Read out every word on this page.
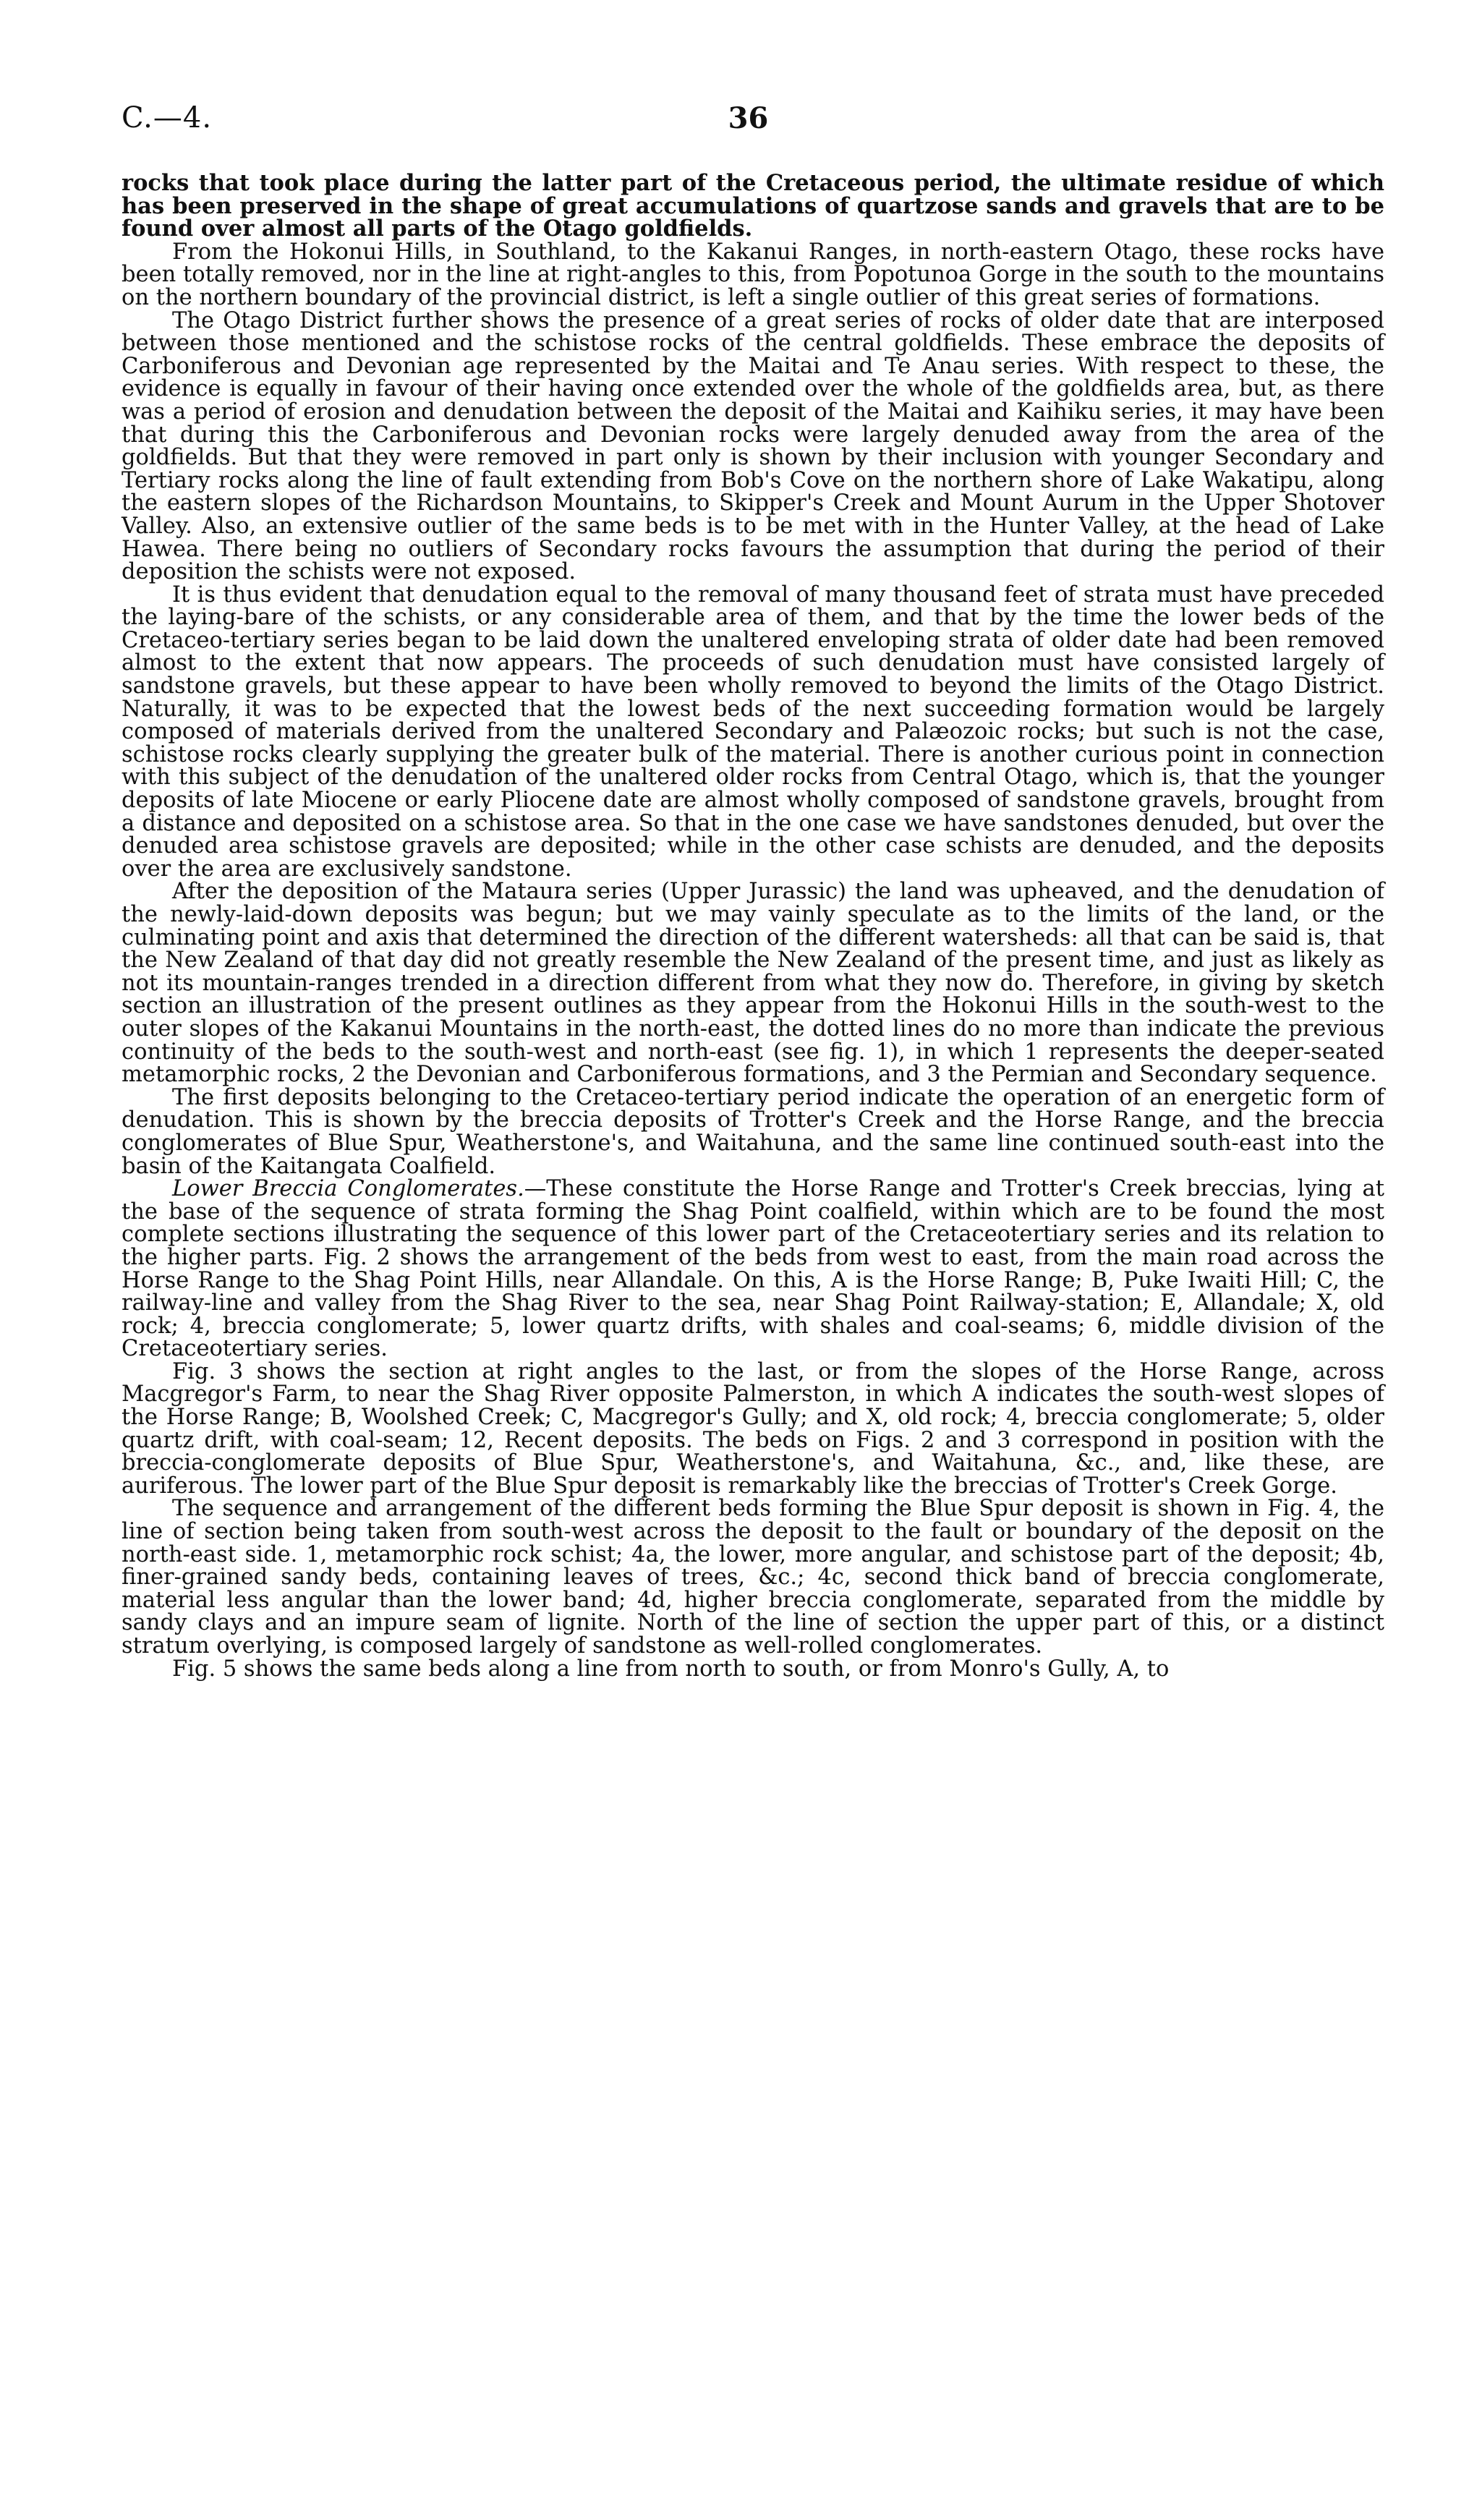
C.—4.	36

rocks that took place during the latter part of the Cretaceous period, the ultimate residue of which has been preserved in the shape of great accumulations of quartzose sands and gravels that are to be found over almost all parts of the Otago goldfields.

From the Hokonui Hills, in Southland, to the Kakanui Ranges, in north-eastern Otago, these rocks have been totally removed, nor in the line at right-angles to this, from Popotunoa Gorge in the south to the mountains on the northern boundary of the provincial district, is left a single outlier of this great series of formations.

The Otago District further shows the presence of a great series of rocks of older date that are interposed between those mentioned and the schistose rocks of the central goldfields. These embrace the deposits of Carboniferous and Devonian age represented by the Maitai and Te Anau series. With respect to these, the evidence is equally in favour of their having once extended over the whole of the goldfields area, but, as there was a period of erosion and denudation between the deposit of the Maitai and Kaihiku series, it may have been that during this the Carboniferous and Devonian rocks were largely denuded away from the area of the goldfields. But that they were removed in part only is shown by their inclusion with younger Secondary and Tertiary rocks along the line of fault extending from Bob's Cove on the northern shore of Lake Wakatipu, along the eastern slopes of the Richardson Mountains, to Skipper's Creek and Mount Aurum in the Upper Shotover Valley. Also, an extensive outlier of the same beds is to be met with in the Hunter Valley, at the head of Lake Hawea. There being no outliers of Secondary rocks favours the assumption that during the period of their deposition the schists were not exposed.

It is thus evident that denudation equal to the removal of many thousand feet of strata must have preceded the laying-bare of the schists, or any considerable area of them, and that by the time the lower beds of the Cretaceo-tertiary series began to be laid down the unaltered enveloping strata of older date had been removed almost to the extent that now appears. The proceeds of such denudation must have consisted largely of sandstone gravels, but these appear to have been wholly removed to beyond the limits of the Otago District. Naturally, it was to be expected that the lowest beds of the next succeeding formation would be largely composed of materials derived from the unaltered Secondary and Palæozoic rocks; but such is not the case, schistose rocks clearly supplying the greater bulk of the material. There is another curious point in connection with this subject of the denudation of the unaltered older rocks from Central Otago, which is, that the younger deposits of late Miocene or early Pliocene date are almost wholly composed of sandstone gravels, brought from a distance and deposited on a schistose area. So that in the one case we have sandstones denuded, but over the denuded area schistose gravels are deposited; while in the other case schists are denuded, and the deposits over the area are exclusively sandstone.

After the deposition of the Mataura series (Upper Jurassic) the land was upheaved, and the denudation of the newly-laid-down deposits was begun; but we may vainly speculate as to the limits of the land, or the culminating point and axis that determined the direction of the different watersheds: all that can be said is, that the New Zealand of that day did not greatly resemble the New Zealand of the present time, and just as likely as not its mountain-ranges trended in a direction different from what they now do. Therefore, in giving by sketch section an illustration of the present outlines as they appear from the Hokonui Hills in the south-west to the outer slopes of the Kakanui Mountains in the north-east, the dotted lines do no more than indicate the previous continuity of the beds to the south-west and north-east (see fig. 1), in which 1 represents the deeper-seated metamorphic rocks, 2 the Devonian and Carboniferous formations, and 3 the Permian and Secondary sequence.

The first deposits belonging to the Cretaceo-tertiary period indicate the operation of an energetic form of denudation. This is shown by the breccia deposits of Trotter's Creek and the Horse Range, and the breccia conglomerates of Blue Spur, Weatherstone's, and Waitahuna, and the same line continued south-east into the basin of the Kaitangata Coalfield.

Lower Breccia Conglomerates.—These constitute the Horse Range and Trotter's Creek breccias, lying at the base of the sequence of strata forming the Shag Point coalfield, within which are to be found the most complete sections illustrating the sequence of this lower part of the Cretaceotertiary series and its relation to the higher parts. Fig. 2 shows the arrangement of the beds from west to east, from the main road across the Horse Range to the Shag Point Hills, near Allandale. On this, A is the Horse Range; B, Puke Iwaiti Hill; C, the railway-line and valley from the Shag River to the sea, near Shag Point Railway-station; E, Allandale; X, old rock; 4, breccia conglomerate; 5, lower quartz drifts, with shales and coal-seams; 6, middle division of the Cretaceotertiary series.

Fig. 3 shows the section at right angles to the last, or from the slopes of the Horse Range, across Macgregor's Farm, to near the Shag River opposite Palmerston, in which A indicates the south-west slopes of the Horse Range; B, Woolshed Creek; C, Macgregor's Gully; and X, old rock; 4, breccia conglomerate; 5, older quartz drift, with coal-seam; 12, Recent deposits. The beds on Figs. 2 and 3 correspond in position with the breccia-conglomerate deposits of Blue Spur, Weatherstone's, and Waitahuna, &c., and, like these, are auriferous. The lower part of the Blue Spur deposit is remarkably like the breccias of Trotter's Creek Gorge.

The sequence and arrangement of the different beds forming the Blue Spur deposit is shown in Fig. 4, the line of section being taken from south-west across the deposit to the fault or boundary of the deposit on the north-east side. 1, metamorphic rock schist; 4a, the lower, more angular, and schistose part of the deposit; 4b, finer-grained sandy beds, containing leaves of trees, &c.; 4c, second thick band of breccia conglomerate, material less angular than the lower band; 4d, higher breccia conglomerate, separated from the middle by sandy clays and an impure seam of lignite. North of the line of section the upper part of this, or a distinct stratum overlying, is composed largely of sandstone as well-rolled conglomerates.

Fig. 5 shows the same beds along a line from north to south, or from Monro's Gully, A, to
